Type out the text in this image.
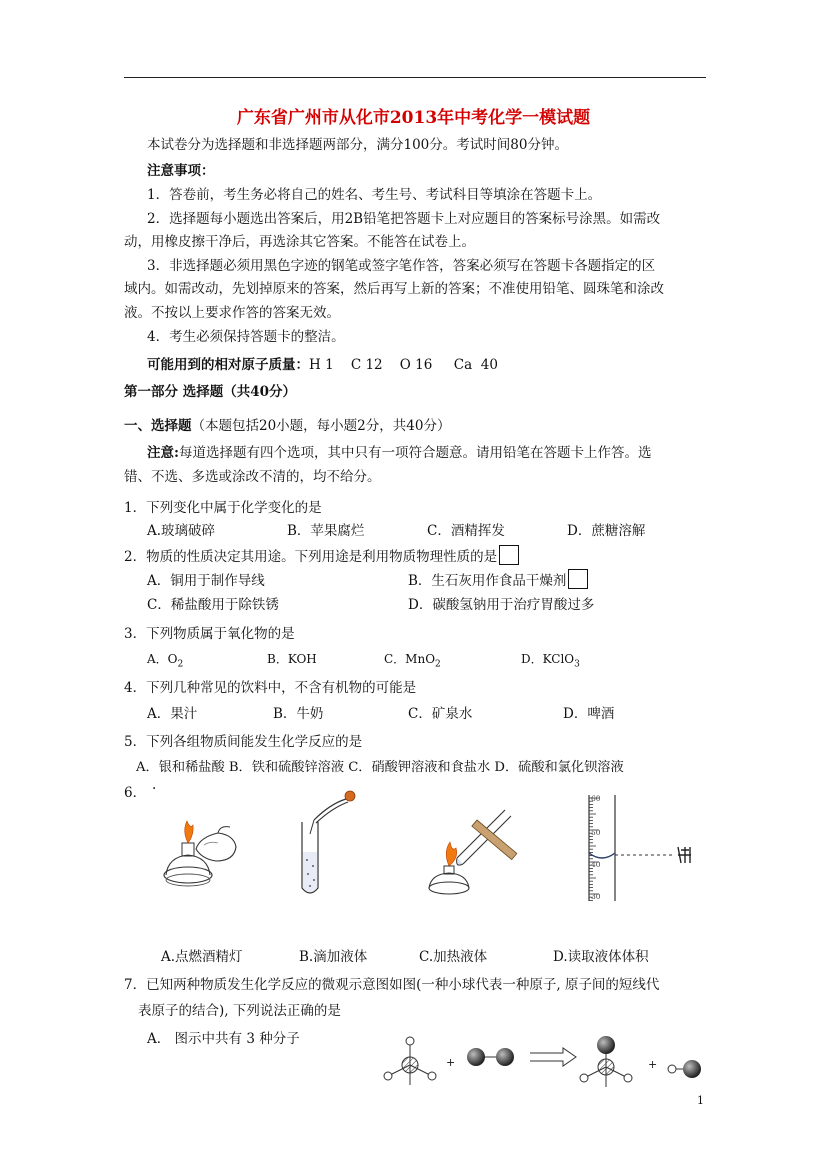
广东省广州市从化市2013年中考化学一模试题
本试卷分为选择题和非选择题两部分，满分100分。考试时间80分钟。
注意事项：
1．答卷前，考生务必将自己的姓名、考生号、考试科目等填涂在答题卡上。
2．选择题每小题选出答案后，用2B铅笔把答题卡上对应题目的答案标号涂黑。如需改
动，用橡皮擦干净后，再选涂其它答案。不能答在试卷上。
3．非选择题必须用黑色字迹的钢笔或签字笔作答，答案必须写在答题卡各题指定的区
域内。如需改动，先划掉原来的答案，然后再写上新的答案；不准使用铅笔、圆珠笔和涂改
液。不按以上要求作答的答案无效。
4．考生必须保持答题卡的整洁。
可能用到的相对原子质量：H 1    C 12    O 16     Ca  40
第一部分 选择题（共40分）
一、选择题（本题包括20小题，每小题2分，共40分）
注意:每道选择题有四个选项，其中只有一项符合题意。请用铅笔在答题卡上作答。选
错、不选、多选或涂改不清的，均不给分。
1．下列变化中属于化学变化的是
A.玻璃破碎	B．苹果腐烂	C．酒精挥发	D．蔗糖溶解
2．物质的性质决定其用途。下列用途是利用物质物理性质的是
A．铜用于制作导线	B．生石灰用作食品干燥剂
C．稀盐酸用于除铁锈	D．碳酸氢钠用于治疗胃酸过多
3．下列物质属于氧化物的是
A．$O_2$	B．KOH	C．MnO$_2$	D．KClO$_3$
4．下列几种常见的饮料中，不含有机物的可能是
A．果汁	B．牛奶	C．矿泉水	D．啤酒
5．下列各组物质间能发生化学反应的是
A．银和稀盐酸 B．铁和硫酸锌溶液 C．硝酸钾溶液和食盐水 D．硫酸和氯化钡溶液
6． .
60
50
40
30
A.点燃酒精灯	B.滴加液体	C.加热液体	D.读取液体体积
7．已知两种物质发生化学反应的微观示意图如图(一种小球代表一种原子, 原子间的短线代
表原子的结合), 下列说法正确的是
A． 图示中共有 3 种分子
+	+
1
